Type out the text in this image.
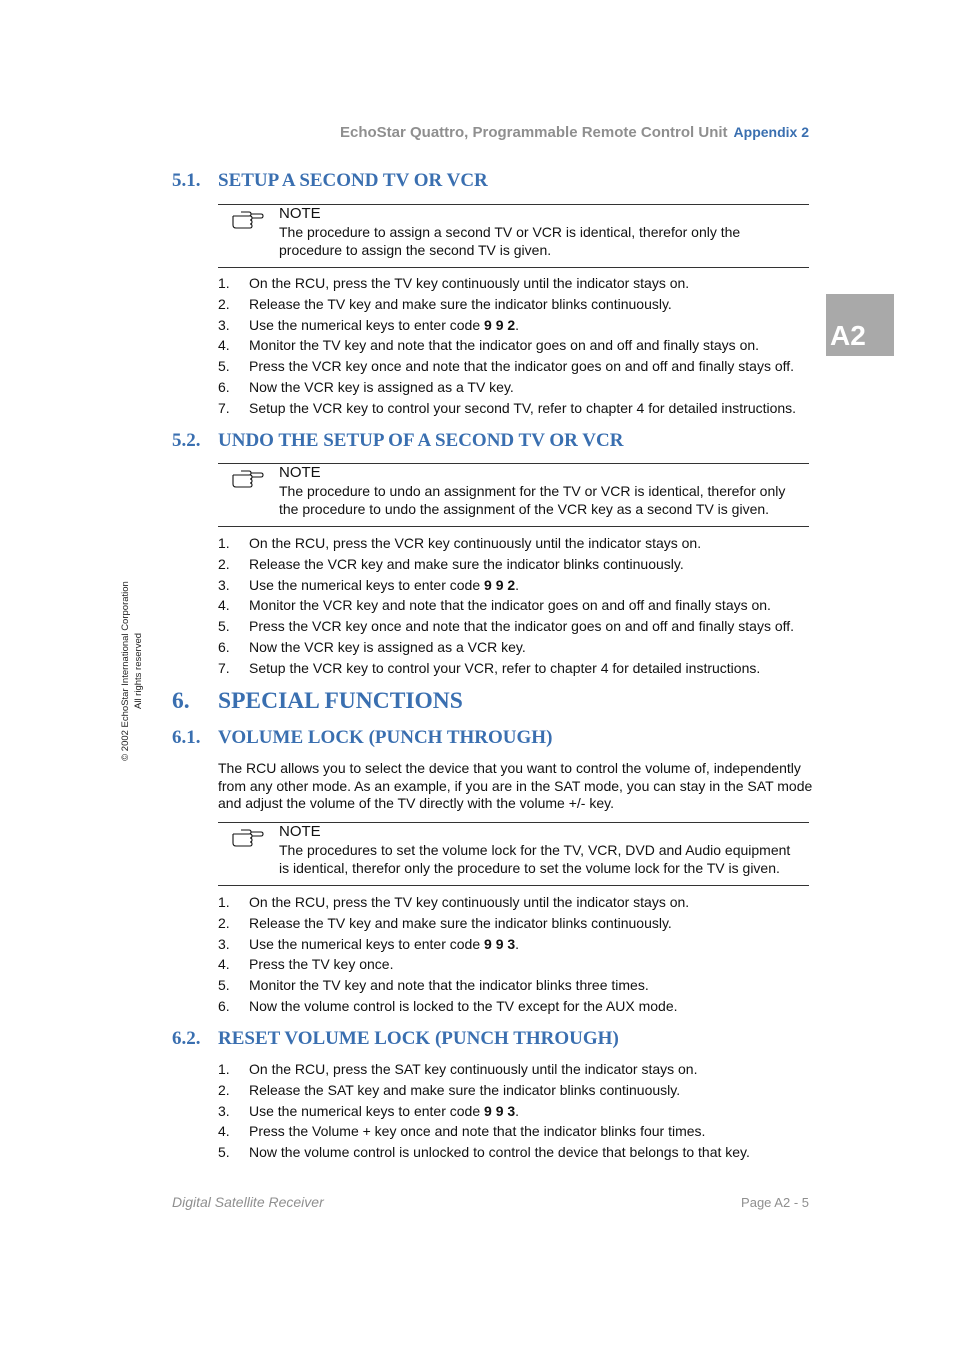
EchoStar Quattro, Programmable Remote Control Unit Appendix 2
A2
© 2002 EchoStar International Corporation All rights reserved
5.1. SETUP A SECOND TV OR VCR
NOTE
The procedure to assign a second TV or VCR is identical, therefor only the procedure to assign the second TV is given.
1. On the RCU, press the TV key continuously until the indicator stays on.
2. Release the TV key and make sure the indicator blinks continuously.
3. Use the numerical keys to enter code 9 9 2.
4. Monitor the TV key and note that the indicator goes on and off and finally stays on.
5. Press the VCR key once and note that the indicator goes on and off and finally stays off.
6. Now the VCR key is assigned as a TV key.
7. Setup the VCR key to control your second TV, refer to chapter 4 for detailed instructions.
5.2. UNDO THE SETUP OF A SECOND TV OR VCR
NOTE
The procedure to undo an assignment for the TV or VCR is identical, therefor only the procedure to undo the assignment of the VCR key as a second TV is given.
1. On the RCU, press the VCR key continuously until the indicator stays on.
2. Release the VCR key and make sure the indicator blinks continuously.
3. Use the numerical keys to enter code 9 9 2.
4. Monitor the VCR key and note that the indicator goes on and off and finally stays on.
5. Press the VCR key once and note that the indicator goes on and off and finally stays off.
6. Now the VCR key is assigned as a VCR key.
7. Setup the VCR key to control your VCR, refer to chapter 4 for detailed instructions.
6. SPECIAL FUNCTIONS
6.1. VOLUME LOCK (PUNCH THROUGH)
The RCU allows you to select the device that you want to control the volume of, independently from any other mode. As an example, if you are in the SAT mode, you can stay in the SAT mode and adjust the volume of the TV directly with the volume +/- key.
NOTE
The procedures to set the volume lock for the TV, VCR, DVD and Audio equipment is identical, therefor only the procedure to set the volume lock for the TV is given.
1. On the RCU, press the TV key continuously until the indicator stays on.
2. Release the TV key and make sure the indicator blinks continuously.
3. Use the numerical keys to enter code 9 9 3.
4. Press the TV key once.
5. Monitor the TV key and note that the indicator blinks three times.
6. Now the volume control is locked to the TV except for the AUX mode.
6.2. RESET VOLUME LOCK (PUNCH THROUGH)
1. On the RCU, press the SAT key continuously until the indicator stays on.
2. Release the SAT key and make sure the indicator blinks continuously.
3. Use the numerical keys to enter code 9 9 3.
4. Press the Volume + key once and note that the indicator blinks four times.
5. Now the volume control is unlocked to control the device that belongs to that key.
Digital Satellite Receiver	Page A2 - 5
